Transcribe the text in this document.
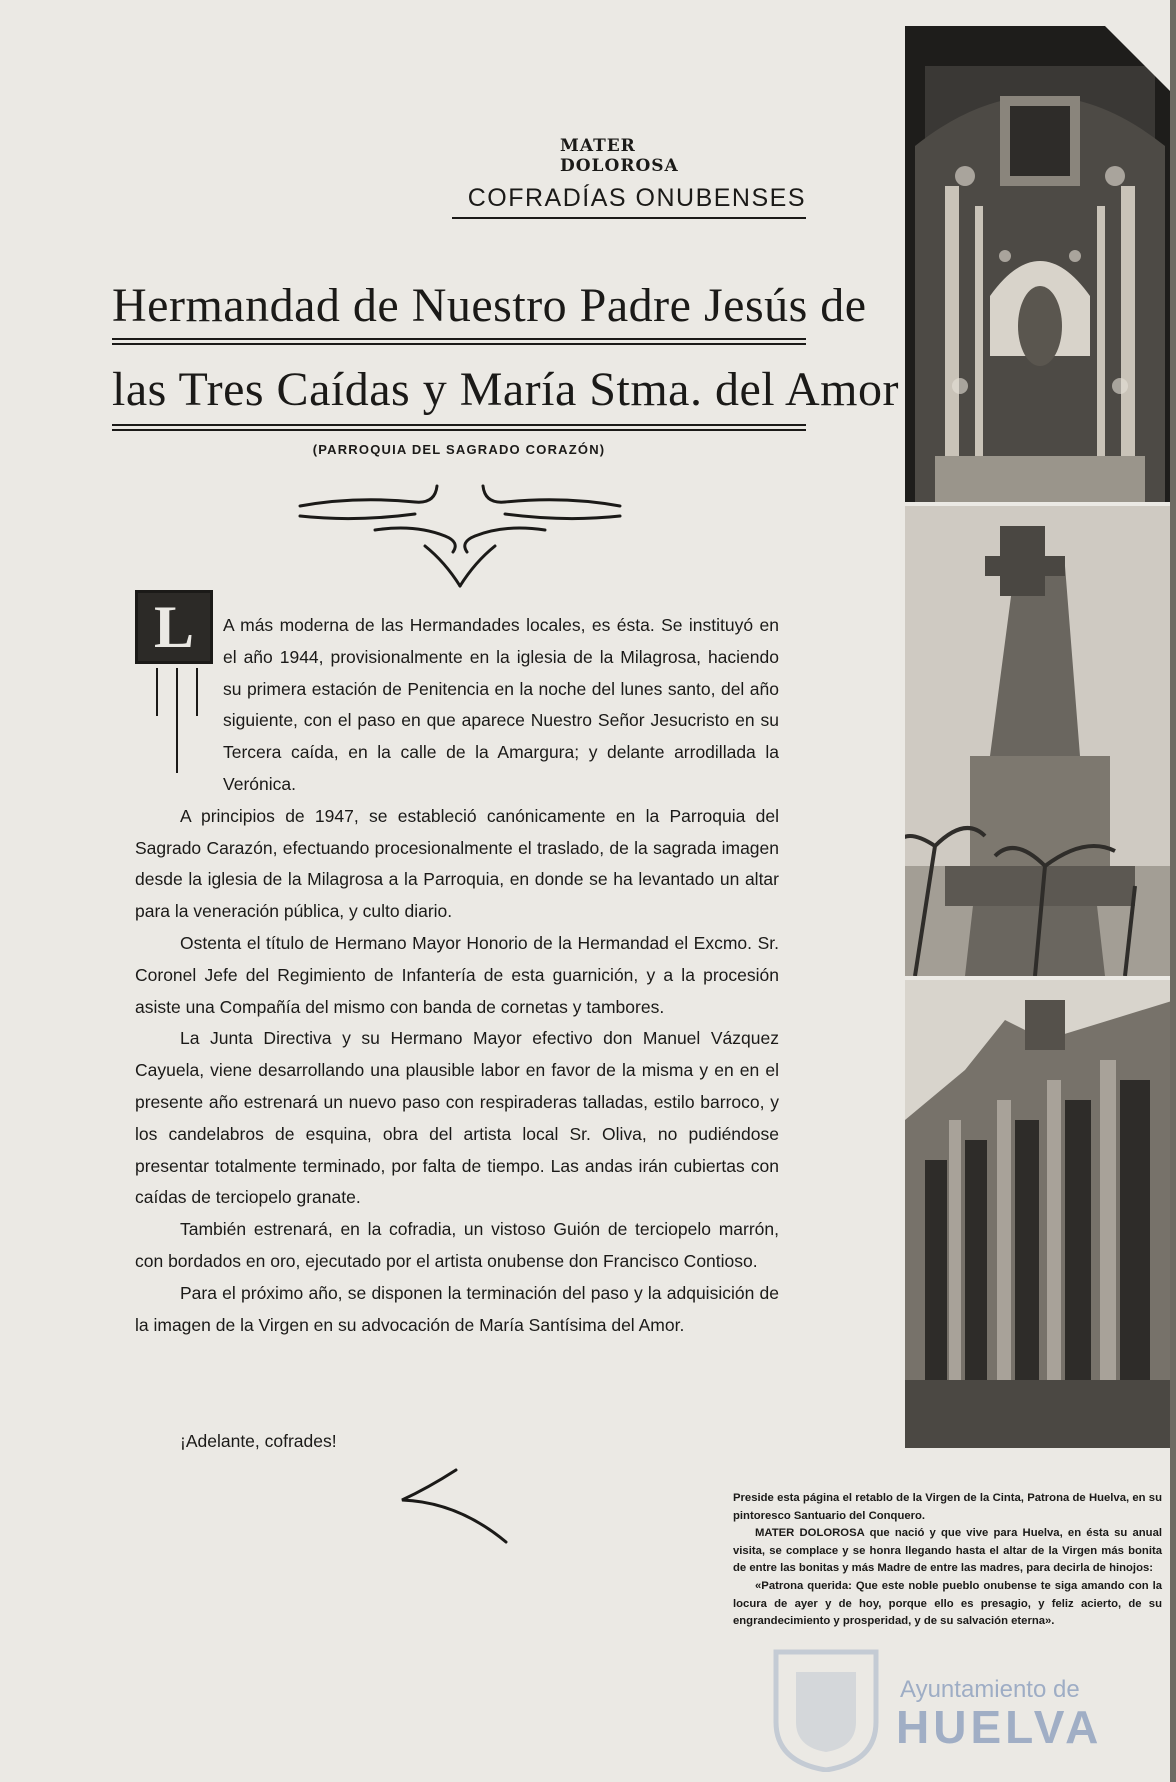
MATER DOLOROSA
COFRADÍAS ONUBENSES
Hermandad de Nuestro Padre Jesús de
las Tres Caídas y María Stma. del Amor
(PARROQUIA DEL SAGRADO CORAZÓN)
L	A más moderna de las Hermandades locales, es ésta. Se instituyó en el año 1944, provisionalmente en la iglesia de la Milagrosa, haciendo su primera estación de Penitencia en la noche del lunes santo, del año siguiente, con el paso en que aparece Nuestro Señor Jesucristo en su Tercera caída, en la calle de la Amargura; y delante arrodillada la Verónica.

A principios de 1947, se estableció canónicamente en la Parroquia del Sagrado Carazón, efectuando procesionalmente el traslado, de la sagrada imagen desde la iglesia de la Milagrosa a la Parroquia, en donde se ha levantado un altar para la veneración pública, y culto diario.

Ostenta el título de Hermano Mayor Honorio de la Hermandad el Excmo. Sr. Coronel Jefe del Regimiento de Infantería de esta guarnición, y a la procesión asiste una Compañía del mismo con banda de cornetas y tambores.

La Junta Directiva y su Hermano Mayor efectivo don Manuel Vázquez Cayuela, viene desarrollando una plausible labor en favor de la misma y en en el presente año estrenará un nuevo paso con respiraderas talladas, estilo barroco, y los candelabros de esquina, obra del artista local Sr. Oliva, no pudiéndose presentar totalmente terminado, por falta de tiempo. Las andas irán cubiertas con caídas de terciopelo granate.

También estrenará, en la cofradia, un vistoso Guión de terciopelo marrón, con bordados en oro, ejecutado por el artista onubense don Francisco Contioso.

Para el próximo año, se disponen la terminación del paso y la adquisición de la imagen de la Virgen en su advocación de María Santísima del Amor.

¡Adelante, cofrades!

Preside esta página el retablo de la Virgen de la Cinta, Patrona de Huelva, en su pintoresco Santuario del Conquero.

MATER DOLOROSA que nació y que vive para Huelva, en ésta su anual visita, se complace y se honra llegando hasta el altar de la Virgen más bonita de entre las bonitas y más Madre de entre las madres, para decirla de hinojos:

«Patrona querida: Que este noble pueblo onubense te siga amando con la locura de ayer y de hoy, porque ello es presagio, y feliz acierto, de su engrandecimiento y prosperidad, y de su salvación eterna».

Ayuntamiento de
HUELVA
